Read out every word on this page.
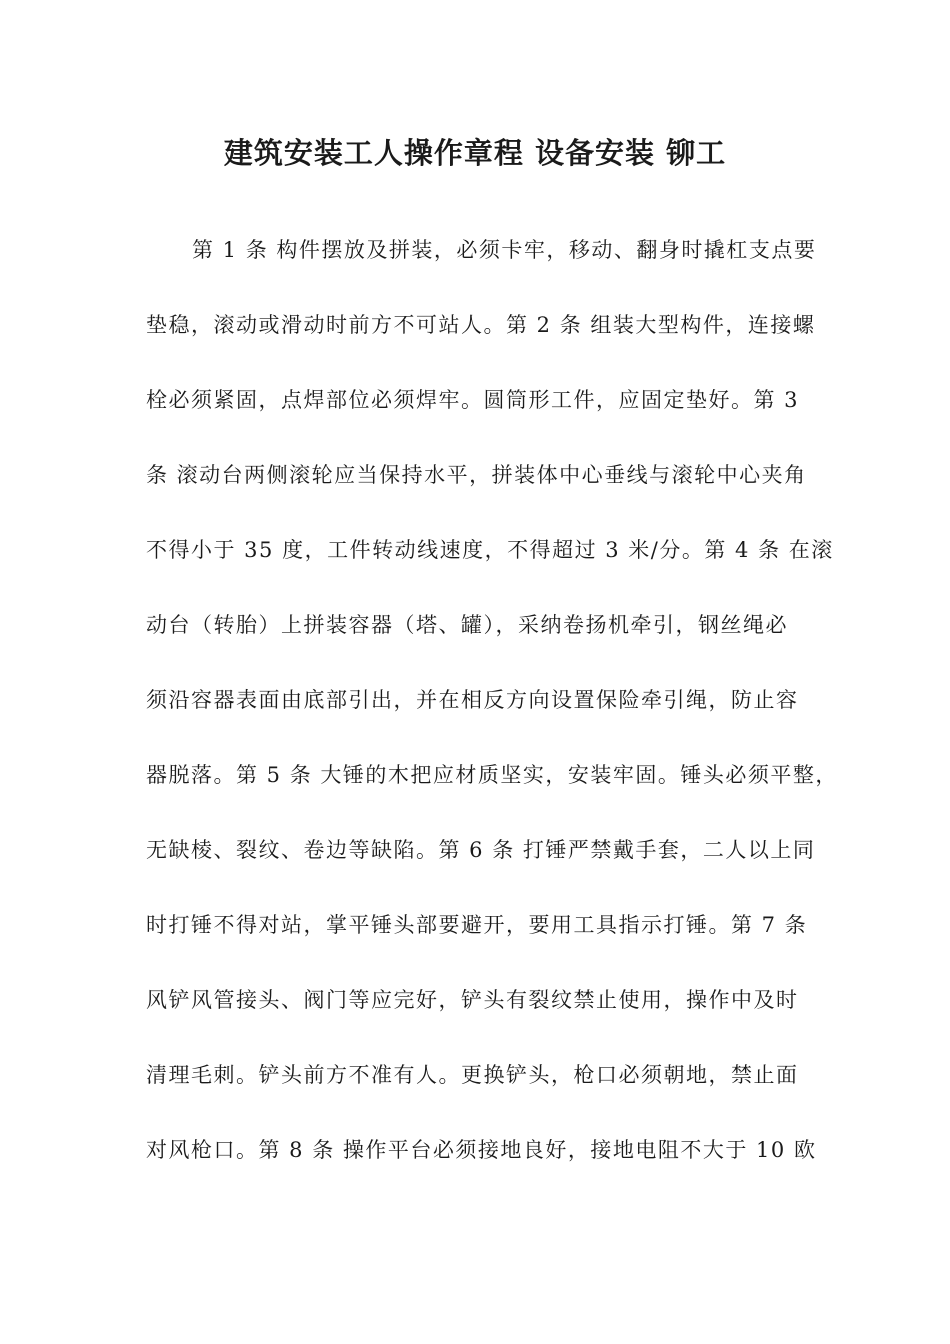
建筑安装工人操作章程 设备安装 铆工
第 1 条 构件摆放及拼装，必须卡牢，移动、翻身时撬杠支点要
垫稳，滚动或滑动时前方不可站人。第 2 条 组装大型构件，连接螺
栓必须紧固，点焊部位必须焊牢。圆筒形工件，应固定垫好。第 3
条 滚动台两侧滚轮应当保持水平，拼装体中心垂线与滚轮中心夹角
不得小于 35 度，工件转动线速度，不得超过 3 米/分。第 4 条 在滚
动台（转胎）上拼装容器（塔、罐），采纳卷扬机牵引，钢丝绳必
须沿容器表面由底部引出，并在相反方向设置保险牵引绳，防止容
器脱落。第 5 条 大锤的木把应材质坚实，安装牢固。锤头必须平整，
无缺棱、裂纹、卷边等缺陷。第 6 条 打锤严禁戴手套，二人以上同
时打锤不得对站，掌平锤头部要避开，要用工具指示打锤。第 7 条
风铲风管接头、阀门等应完好，铲头有裂纹禁止使用，操作中及时
清理毛刺。铲头前方不准有人。更换铲头，枪口必须朝地，禁止面
对风枪口。第 8 条 操作平台必须接地良好，接地电阻不大于 10 欧
